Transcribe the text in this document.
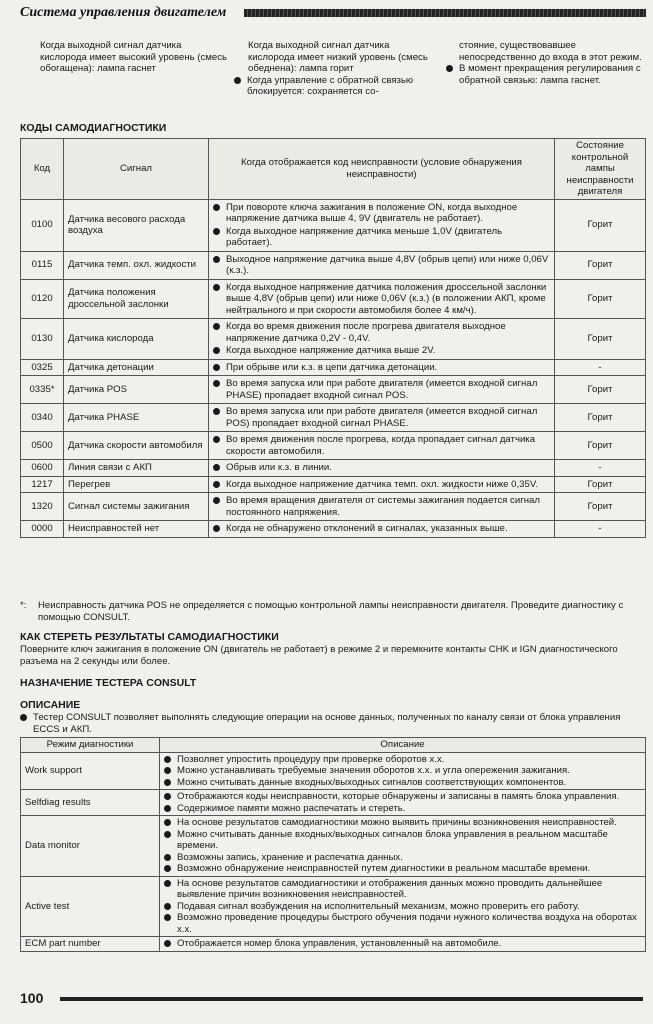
Система управления двигателем

Когда выходной сигнал датчика кислорода имеет высокий уровень (смесь обогащена): лампа гаснет

Когда выходной сигнал датчика кислорода имеет низкий уровень (смесь обеднена): лампа горит

Когда управление с обратной связью блокируется: сохраняется со-

стояние, существовавшее непосредственно до входа в этот режим.

В момент прекращения регулирования с обратной связью: лампа гаснет.
КОДЫ САМОДИАГНОСТИКИ
Код	Сигнал	Когда отображается код неисправности (условие обнаружения неисправности)	Состояние контрольной лампы неисправности двигателя
0100	Датчика весового расхода воздуха	При повороте ключа зажигания в положение ON, когда выходное напряжение датчика выше 4, 9V (двигатель не работает).
Когда выходное напряжение датчика меньше 1,0V (двигатель работает).	Горит
0115	Датчика темп. охл. жидкости	Выходное напряжение датчика выше 4,8V (обрыв цепи) или ниже 0,06V (к.з.).	Горит
0120	Датчика положения дроссельной заслонки	Когда выходное напряжение датчика положения дроссельной заслонки выше 4,8V (обрыв цепи) или ниже 0,06V (к.з.) (в положении АКП, кроме нейтрального и при скорости автомобиля более 4 км/ч).	Горит
0130	Датчика кислорода	Когда во время движения после прогрева двигателя выходное напряжение датчика 0,2V - 0,4V.
Когда выходное напряжение датчика выше 2V.	Горит
0325	Датчика детонации	При обрыве или к.з. в цепи датчика детонации.	-
0335*	Датчика POS	Во время запуска или при работе двигателя (имеется входной сигнал PHASE) пропадает входной сигнал POS.	Горит
0340	Датчика PHASE	Во время запуска или при работе двигателя (имеется входной сигнал POS) пропадает входной сигнал PHASE.	Горит
0500	Датчика скорости автомобиля	Во время движения после прогрева, когда пропадает сигнал датчика скорости автомобиля.	Горит
0600	Линия связи с АКП	Обрыв или к.з. в линии.	-
1217	Перегрев	Когда выходное напряжение датчика темп. охл. жидкости ниже 0,35V.	Горит
1320	Сигнал системы зажигания	Во время вращения двигателя от системы зажигания подается сигнал постоянного напряжения.	Горит
0000	Неисправностей нет	Когда не обнаружено отклонений в сигналах, указанных выше.	-
*:	Неисправность датчика POS не определяется с помощью контрольной лампы неисправности двигателя. Проведите диагностику с помощью CONSULT.
КАК СТЕРЕТЬ РЕЗУЛЬТАТЫ САМОДИАГНОСТИКИ
Поверните ключ зажигания в положение ON (двигатель не работает) в режиме 2 и перемкните контакты CHK и IGN диагностического разъема на 2 секунды или более.
НАЗНАЧЕНИЕ ТЕСТЕРА CONSULT
ОПИСАНИЕ
Тестер CONSULT позволяет выполнять следующие операции на основе данных, полученных по каналу связи от блока управления ECCS и АКП.
Режим диагностики	Описание
Work support	Позволяет упростить процедуру при проверке оборотов х.х.
Можно устанавливать требуемые значения оборотов х.х. и угла опережения зажигания.
Можно считывать данные входных/выходных сигналов соответствующих компонентов.

Selfdiag results	Отображаются коды неисправности, которые обнаружены и записаны в память блока управления.
Содержимое памяти можно распечатать и стереть.

Data monitor	На основе результатов самодиагностики можно выявить причины возникновения неисправностей.
Можно считывать данные входных/выходных сигналов блока управления в реальном масштабе времени.
Возможны запись, хранение и распечатка данных.
Возможно обнаружение неисправностей путем диагностики в реальном масштабе времени.

Active test	На основе результатов самодиагностики и отображения данных можно проводить дальнейшее выявление причин возникновения неисправностей.
Подавая сигнал возбуждения на исполнительный механизм, можно проверить его работу.
Возможно проведение процедуры быстрого обучения подачи нужного количества воздуха на оборотах х.х.

ECM part number	Отображается номер блока управления, установленный на автомобиле.
100
